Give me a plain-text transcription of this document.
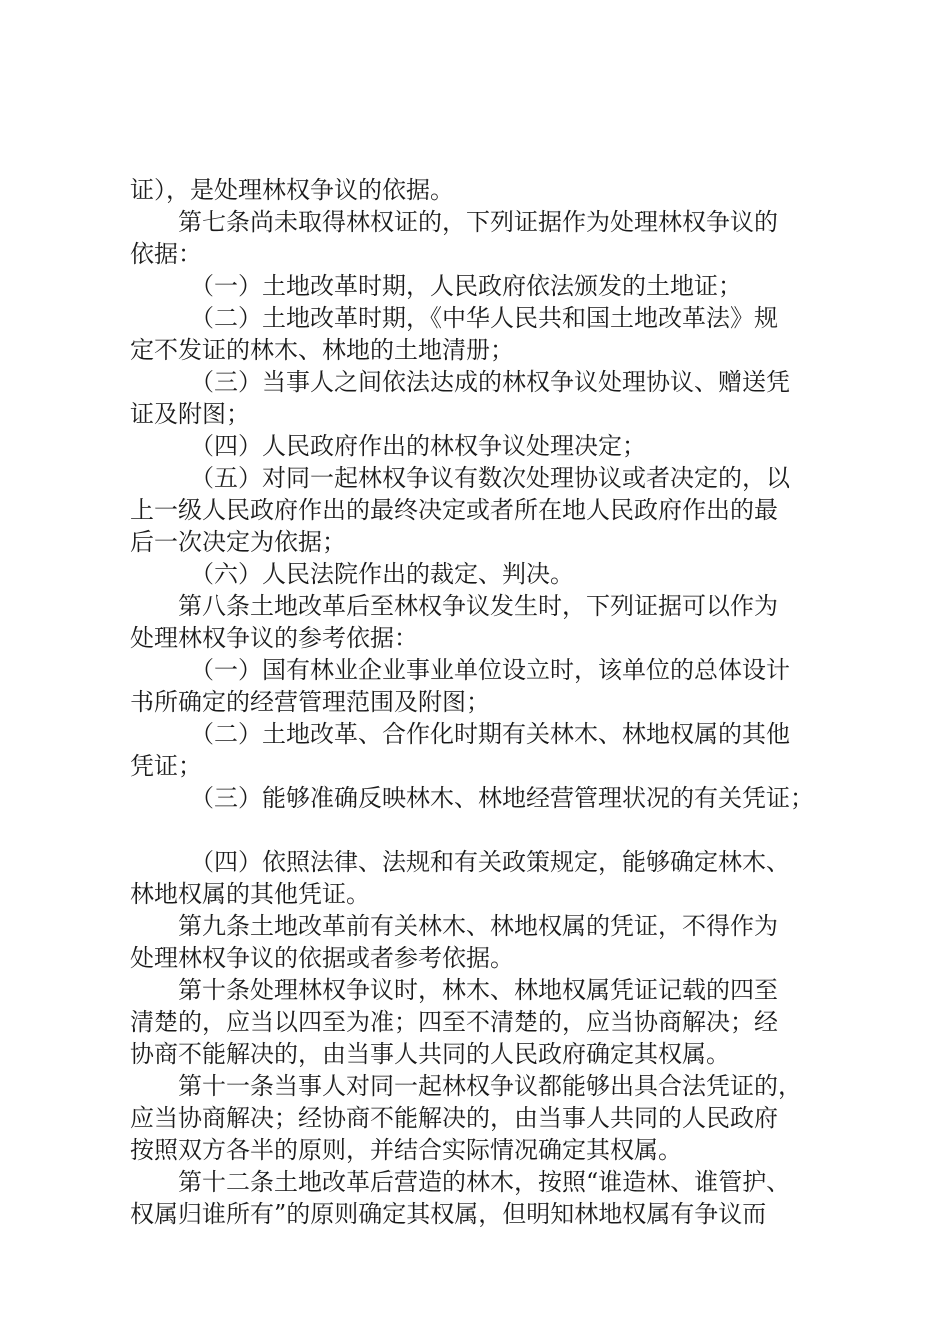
证），是处理林权争议的依据。
第七条尚未取得林权证的，下列证据作为处理林权争议的
依据：
（一）土地改革时期，人民政府依法颁发的土地证；
（二）土地改革时期，《中华人民共和国土地改革法》规
定不发证的林木、林地的土地清册；
（三）当事人之间依法达成的林权争议处理协议、赠送凭
证及附图；
（四）人民政府作出的林权争议处理决定；
（五）对同一起林权争议有数次处理协议或者决定的，以
上一级人民政府作出的最终决定或者所在地人民政府作出的最
后一次决定为依据；
（六）人民法院作出的裁定、判决。
第八条土地改革后至林权争议发生时，下列证据可以作为
处理林权争议的参考依据：
（一）国有林业企业事业单位设立时，该单位的总体设计
书所确定的经营管理范围及附图；
（二）土地改革、合作化时期有关林木、林地权属的其他
凭证；
（三）能够准确反映林木、林地经营管理状况的有关凭证；
（四）依照法律、法规和有关政策规定，能够确定林木、
林地权属的其他凭证。
第九条土地改革前有关林木、林地权属的凭证，不得作为
处理林权争议的依据或者参考依据。
第十条处理林权争议时，林木、林地权属凭证记载的四至
清楚的，应当以四至为准；四至不清楚的，应当协商解决；经
协商不能解决的，由当事人共同的人民政府确定其权属。
第十一条当事人对同一起林权争议都能够出具合法凭证的，
应当协商解决；经协商不能解决的，由当事人共同的人民政府
按照双方各半的原则，并结合实际情况确定其权属。
第十二条土地改革后营造的林木，按照“谁造林、谁管护、
权属归谁所有”的原则确定其权属，但明知林地权属有争议而
